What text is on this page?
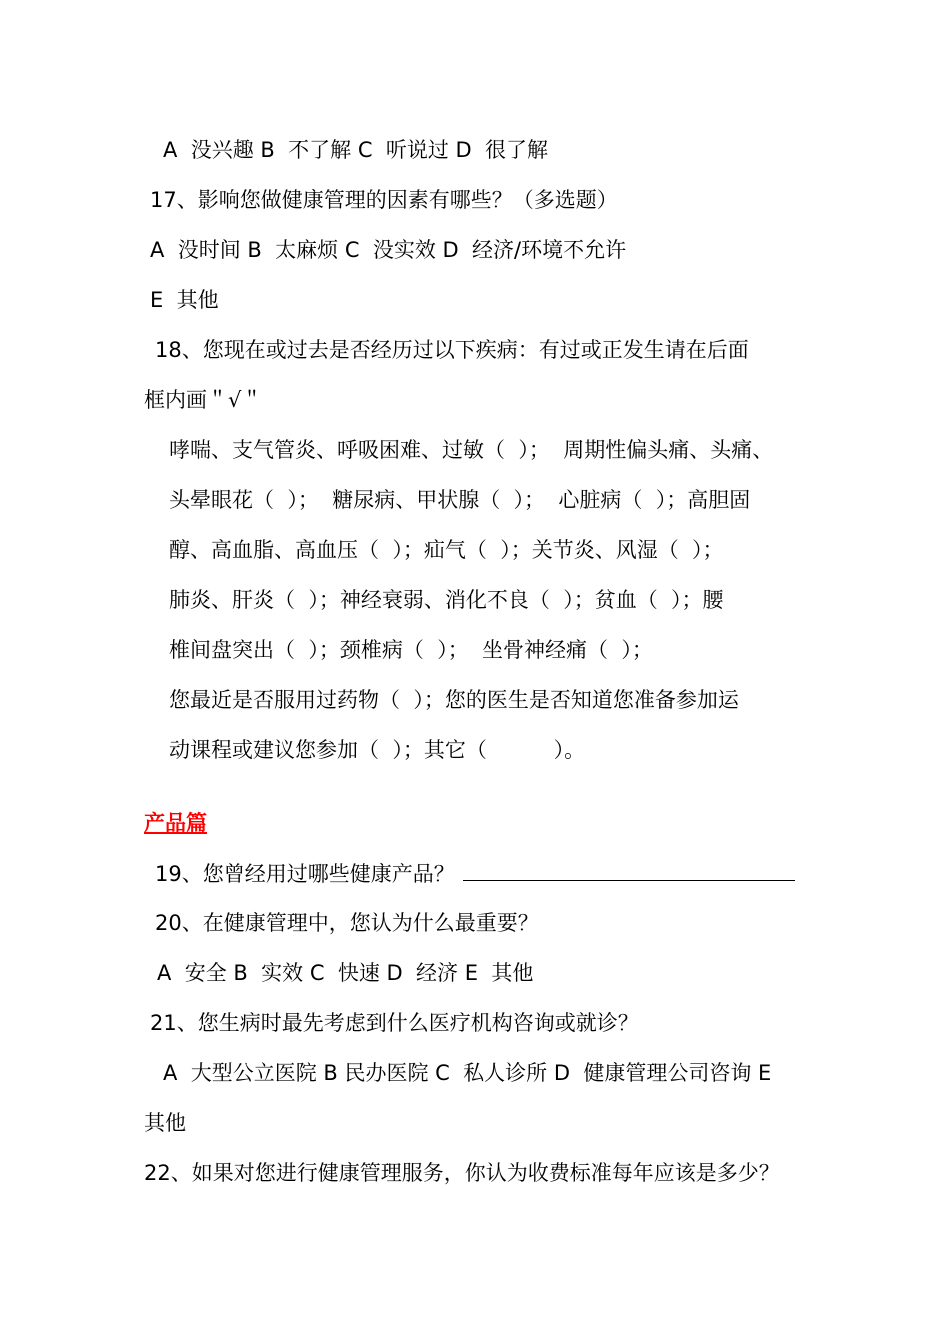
A  没兴趣 B  不了解 C  听说过 D  很了解
17、影响您做健康管理的因素有哪些？（多选题）
A  没时间 B  太麻烦 C  没实效 D  经济/环境不允许
E  其他
18、您现在或过去是否经历过以下疾病：有过或正发生请在后面
框内画＂√＂
哮喘、支气管炎、呼吸困难、过敏（  ）；  周期性偏头痛、头痛、
头晕眼花（  ）；  糖尿病、甲状腺（  ）；  心脏病（  ）；高胆固
醇、高血脂、高血压（  ）；疝气（  ）；关节炎、风湿（  ）；
肺炎、肝炎（  ）；神经衰弱、消化不良（  ）；贫血（  ）；腰
椎间盘突出（  ）；颈椎病（  ）；  坐骨神经痛（  ）；
您最近是否服用过药物（  ）；您的医生是否知道您准备参加运
动课程或建议您参加（  ）；其它（          ）。
产品篇
19、您曾经用过哪些健康产品？
20、在健康管理中，您认为什么最重要？
A  安全 B  实效 C  快速 D  经济 E  其他
21、您生病时最先考虑到什么医疗机构咨询或就诊？
A  大型公立医院 B 民办医院 C  私人诊所 D  健康管理公司咨询 E
其他
22、如果对您进行健康管理服务，你认为收费标准每年应该是多少？
